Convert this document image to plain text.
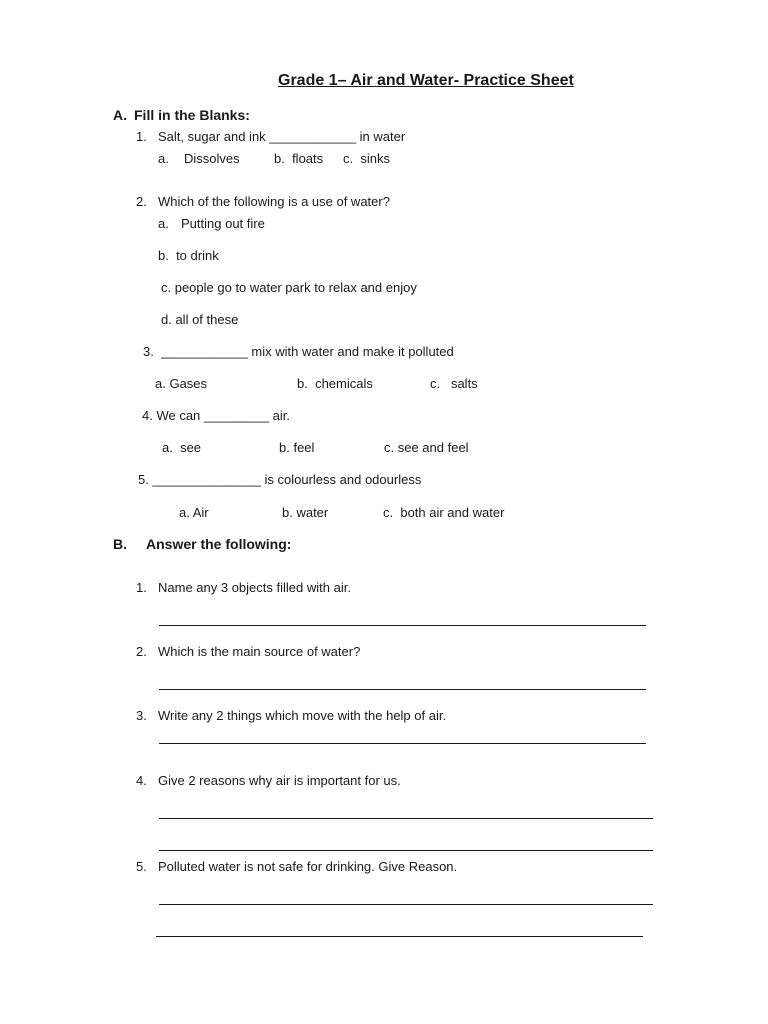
Grade 1– Air and Water- Practice Sheet
A. Fill in the Blanks:
1. Salt, sugar and ink ____________ in water
a. Dissolves	b.  floats c.  sinks
2. Which of the following is a use of water?
a. Putting out fire
b.  to drink
c. people go to water park to relax and enjoy
d. all of these
3.  ____________ mix with water and make it polluted
a. Gases	b.  chemicals	c.   salts
4. We can _________ air.
a.  see	b. feel	c. see and feel
5. _______________ is colourless and odourless
a. Air	b. water	c.  both air and water
B. Answer the following:
1. Name any 3 objects filled with air.
2. Which is the main source of water?
3. Write any 2 things which move with the help of air.
4. Give 2 reasons why air is important for us.
5. Polluted water is not safe for drinking. Give Reason.
